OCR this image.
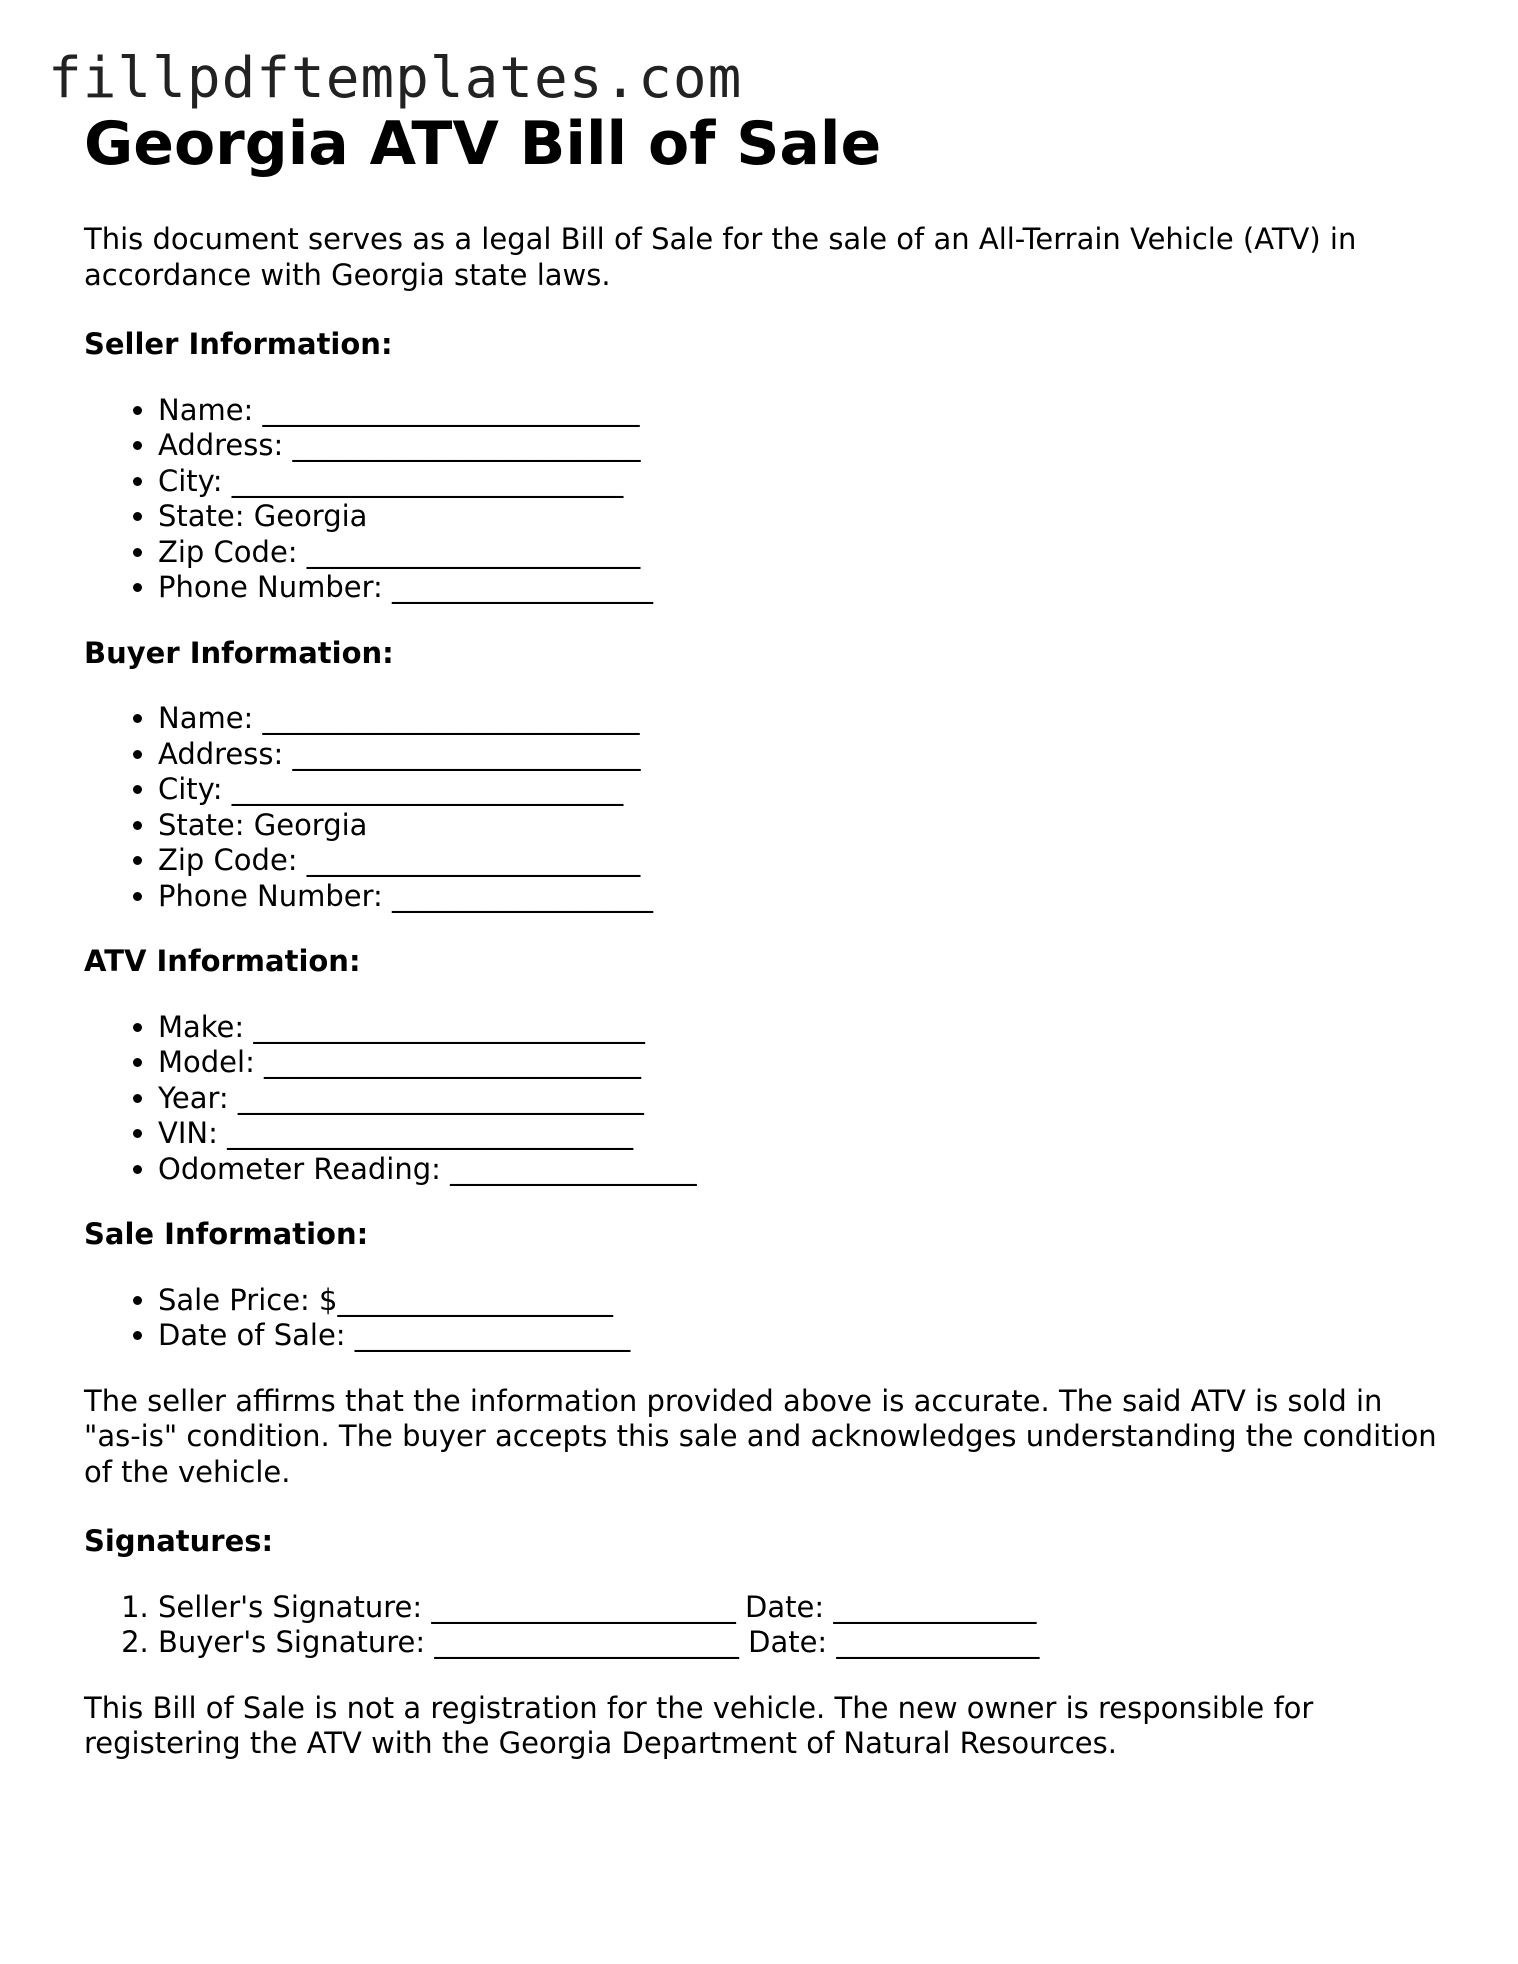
fillpdftemplates.com
Georgia ATV Bill of Sale

This document serves as a legal Bill of Sale for the sale of an All-Terrain Vehicle (ATV) in accordance with Georgia state laws.

Seller Information:
• Name: __________________________
• Address: ________________________
• City: ___________________________
• State: Georgia
• Zip Code: _______________________
• Phone Number: __________________
Buyer Information:
• Name: __________________________
• Address: ________________________
• City: ___________________________
• State: Georgia
• Zip Code: _______________________
• Phone Number: __________________
ATV Information:
• Make: ___________________________
• Model: __________________________
• Year: ____________________________
• VIN: ____________________________
• Odometer Reading: _________________
Sale Information:
• Sale Price: $___________________
• Date of Sale: ___________________

The seller affirms that the information provided above is accurate. The said ATV is sold in "as-is" condition. The buyer accepts this sale and acknowledges understanding the condition of the vehicle.

Signatures:
1. Seller's Signature: _____________________ Date: ______________
2. Buyer's Signature: _____________________ Date: ______________

This Bill of Sale is not a registration for the vehicle. The new owner is responsible for registering the ATV with the Georgia Department of Natural Resources.
